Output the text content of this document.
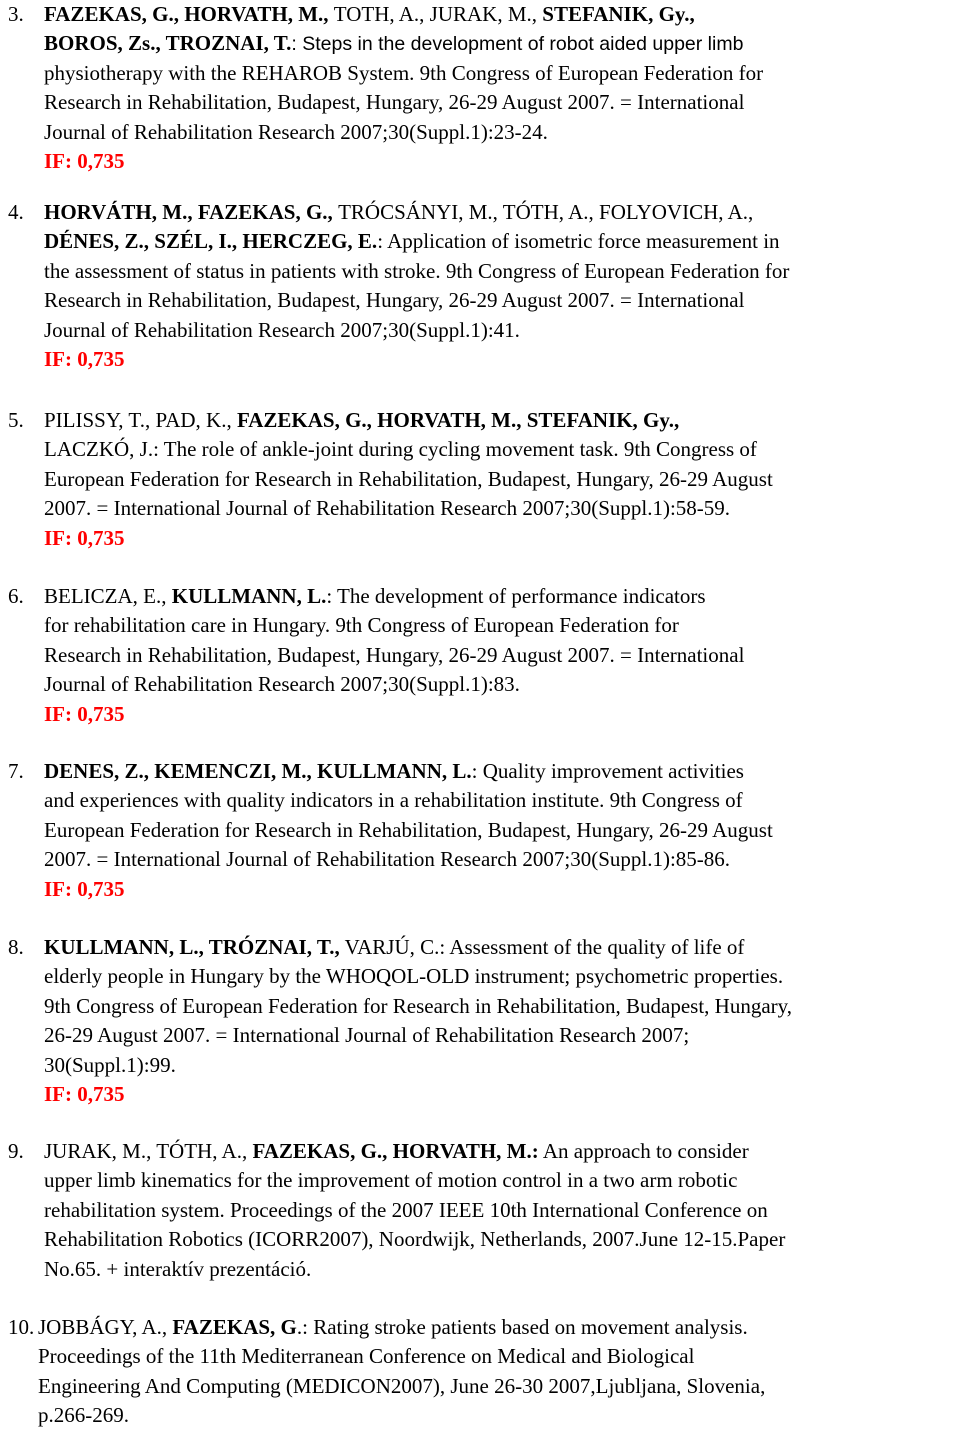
3. FAZEKAS, G., HORVATH, M., TOTH, A., JURAK, M., STEFANIK, Gy.,
BOROS, Zs., TROZNAI, T.: Steps in the development of robot aided upper limb
physiotherapy with the REHAROB System. 9th Congress of European Federation for
Research in Rehabilitation, Budapest, Hungary, 26-29 August 2007. = International
Journal of Rehabilitation Research 2007;30(Suppl.1):23-24.
IF: 0,735
4. HORVÁTH, M., FAZEKAS, G., TRÓCSÁNYI, M., TÓTH, A., FOLYOVICH, A.,
DÉNES, Z., SZÉL, I., HERCZEG, E.: Application of isometric force measurement in
the assessment of status in patients with stroke. 9th Congress of European Federation for
Research in Rehabilitation, Budapest, Hungary, 26-29 August 2007. = International
Journal of Rehabilitation Research 2007;30(Suppl.1):41.
IF: 0,735
5. PILISSY, T., PAD, K., FAZEKAS, G., HORVATH, M., STEFANIK, Gy.,
LACZKÓ, J.: The role of ankle-joint during cycling movement task. 9th Congress of
European Federation for Research in Rehabilitation, Budapest, Hungary, 26-29 August
2007. = International Journal of Rehabilitation Research 2007;30(Suppl.1):58-59.
IF: 0,735
6. BELICZA, E., KULLMANN, L.: The development of performance indicators
for rehabilitation care in Hungary. 9th Congress of European Federation for
Research in Rehabilitation, Budapest, Hungary, 26-29 August 2007. = International
Journal of Rehabilitation Research 2007;30(Suppl.1):83.
IF: 0,735
7. DENES, Z., KEMENCZI, M., KULLMANN, L.: Quality improvement activities
and experiences with quality indicators in a rehabilitation institute. 9th Congress of
European Federation for Research in Rehabilitation, Budapest, Hungary, 26-29 August
2007. = International Journal of Rehabilitation Research 2007;30(Suppl.1):85-86.
IF: 0,735
8. KULLMANN, L., TRÓZNAI, T., VARJÚ, C.: Assessment of the quality of life of
elderly people in Hungary by the WHOQOL-OLD instrument; psychometric properties.
9th Congress of European Federation for Research in Rehabilitation, Budapest, Hungary,
26-29 August 2007. = International Journal of Rehabilitation Research 2007;
30(Suppl.1):99.
IF: 0,735
9. JURAK, M., TÓTH, A., FAZEKAS, G., HORVATH, M.: An approach to consider
upper limb kinematics for the improvement of motion control in a two arm robotic
rehabilitation system. Proceedings of the 2007 IEEE 10th International Conference on
Rehabilitation Robotics (ICORR2007), Noordwijk, Netherlands, 2007.June 12-15.Paper
No.65. + interaktív prezentáció.
10. JOBBÁGY, A., FAZEKAS, G.: Rating stroke patients based on movement analysis.
Proceedings of the 11th Mediterranean Conference on Medical and Biological
Engineering And Computing (MEDICON2007), June 26-30 2007,Ljubljana, Slovenia,
p.266-269.
